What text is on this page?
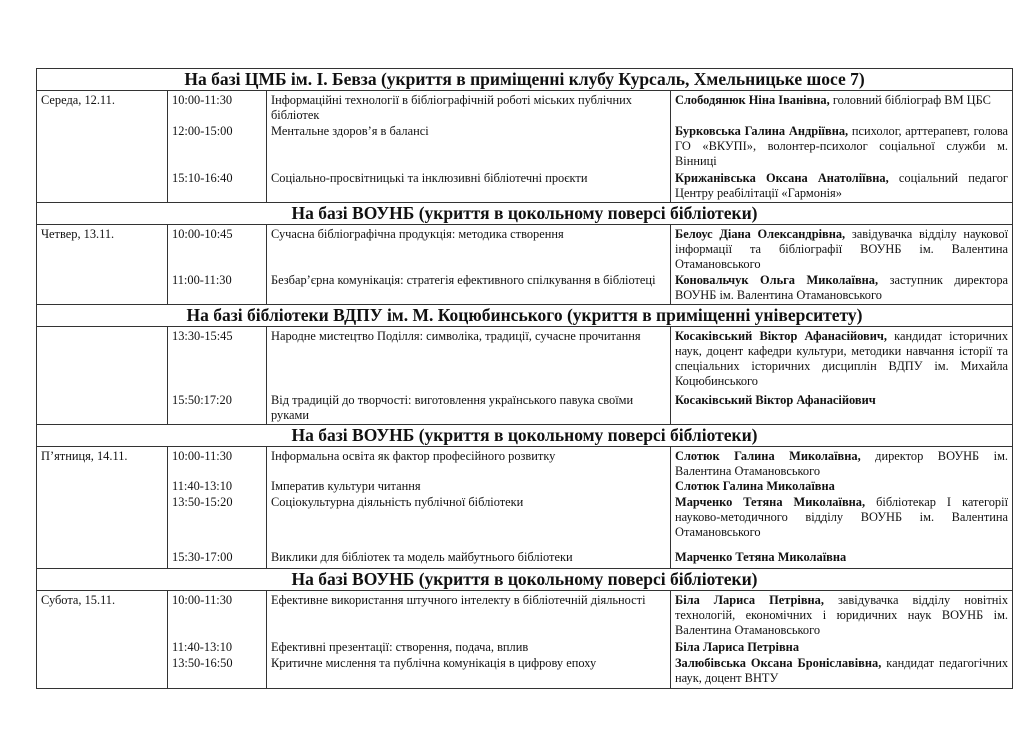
На базі ЦМБ ім. І. Бевза (укриття в приміщенні клубу Курсаль, Хмельницьке шосе 7)			
Середа, 12.11.	10:00-11:30	Інформаційні технології в бібліографічній роботі міських публічних бібліотек	Слободянюк Ніна Іванівна, головний бібліограф ВМ ЦБС
	12:00-15:00	Ментальне здоров’я в балансі	Бурковська Галина Андріївна, психолог, арттерапевт, голова ГО «ВКУПІ», волонтер-психолог соціальної служби м. Вінниці
	15:10-16:40	Соціально-просвітницькі та інклюзивні бібліотечні проєкти	Крижанівська Оксана Анатоліївна, соціальний педагог Центру реабілітації «Гармонія»
На базі ВОУНБ (укриття в цокольному поверсі бібліотеки)			
Четвер, 13.11.	10:00-10:45	Сучасна бібліографічна продукція: методика створення	Белоус Діана Олександрівна, завідувачка відділу наукової інформації та бібліографії ВОУНБ ім. Валентина Отамановського
	11:00-11:30	Безбар’єрна комунікація: стратегія ефективного спілкування в бібліотеці	Коновальчук Ольга Миколаївна, заступник директора ВОУНБ ім. Валентина Отамановського
На базі бібліотеки ВДПУ ім. М. Коцюбинського (укриття в приміщенні університету)			
	13:30-15:45	Народне мистецтво Поділля: символіка, традиції, сучасне прочитання	Косаківський Віктор Афанасійович, кандидат історичних наук, доцент кафедри культури, методики навчання історії та спеціальних історичних дисциплін ВДПУ ім. Михайла Коцюбинського
	15:50:17:20	Від традицій до творчості: виготовлення українського павука своїми руками	Косаківський Віктор Афанасійович
На базі ВОУНБ (укриття в цокольному поверсі бібліотеки)			
П’ятниця, 14.11.	10:00-11:30	Інформальна освіта як фактор професійного розвитку	Слотюк Галина Миколаївна, директор ВОУНБ ім. Валентина Отамановського
	11:40-13:10	Імператив культури читання	Слотюк Галина Миколаївна
	13:50-15:20	Соціокультурна діяльність публічної бібліотеки	Марченко Тетяна Миколаївна, бібліотекар І категорії науково-методичного відділу ВОУНБ ім. Валентина Отамановського
	15:30-17:00	Виклики для бібліотек та модель майбутнього бібліотеки	Марченко Тетяна Миколаївна
На базі ВОУНБ (укриття в цокольному поверсі бібліотеки)			
Субота, 15.11.	10:00-11:30	Ефективне використання штучного інтелекту в бібліотечній діяльності	Біла Лариса Петрівна, завідувачка відділу новітніх технологій, економічних і юридичних наук ВОУНБ ім. Валентина Отамановського
	11:40-13:10	Ефективні презентації: створення, подача, вплив	Біла Лариса Петрівна
	13:50-16:50	Критичне мислення та публічна комунікація в цифрову епоху	Залюбівська Оксана Броніславівна, кандидат педагогічних наук, доцент ВНТУ
